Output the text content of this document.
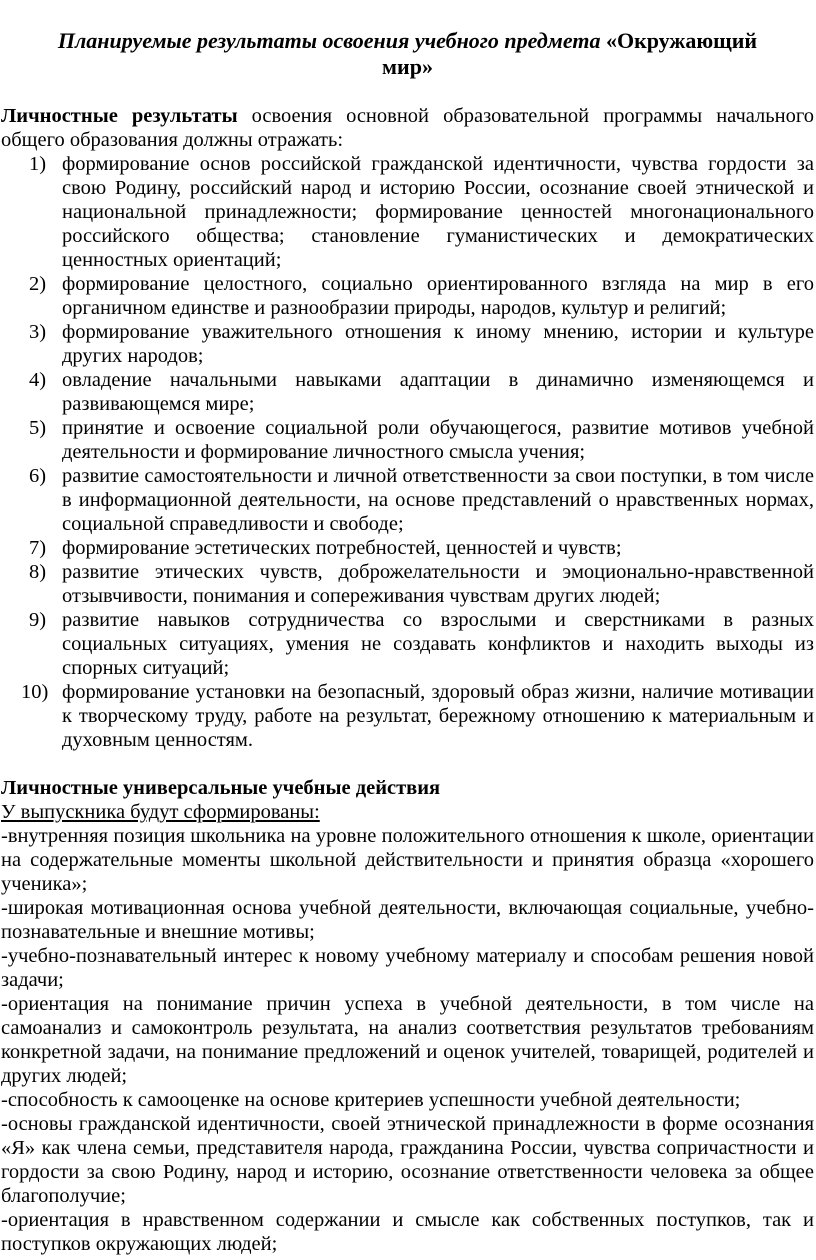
Планируемые результаты освоения учебного предмета «Окружающий мир»

Личностные результаты освоения основной образовательной программы начального общего образования должны отражать:

1) формирование основ российской гражданской идентичности, чувства гордости за свою Родину, российский народ и историю России, осознание своей этнической и национальной принадлежности; формирование ценностей многонационального российского общества; становление гуманистических и демократических ценностных ориентаций;
2) формирование целостного, социально ориентированного взгляда на мир в его органичном единстве и разнообразии природы, народов, культур и религий;
3) формирование уважительного отношения к иному мнению, истории и культуре других народов;
4) овладение начальными навыками адаптации в динамично изменяющемся и развивающемся мире;
5) принятие и освоение социальной роли обучающегося, развитие мотивов учебной деятельности и формирование личностного смысла учения;
6) развитие самостоятельности и личной ответственности за свои поступки, в том числе в информационной деятельности, на основе представлений о нравственных нормах, социальной справедливости и свободе;
7) формирование эстетических потребностей, ценностей и чувств;
8) развитие этических чувств, доброжелательности и эмоционально-нравственной отзывчивости, понимания и сопереживания чувствам других людей;
9) развитие навыков сотрудничества со взрослыми и сверстниками в разных социальных ситуациях, умения не создавать конфликтов и находить выходы из спорных ситуаций;
10) формирование установки на безопасный, здоровый образ жизни, наличие мотивации к творческому труду, работе на результат, бережному отношению к материальным и духовным ценностям.
Личностные универсальные учебные действия
У выпускника будут сформированы:

-внутренняя позиция школьника на уровне положительного отношения к школе, ориентации на содержательные моменты школьной действительности и принятия образца «хорошего ученика»;

-широкая мотивационная основа учебной деятельности, включающая социальные, учебно-познавательные и внешние мотивы;

-учебно-познавательный интерес к новому учебному материалу и способам решения новой задачи;

-ориентация на понимание причин успеха в учебной деятельности, в том числе на самоанализ и самоконтроль результата, на анализ соответствия результатов требованиям конкретной задачи, на понимание предложений и оценок учителей, товарищей, родителей и других людей;

-способность к самооценке на основе критериев успешности учебной деятельности;

-основы гражданской идентичности, своей этнической принадлежности в форме осознания «Я» как члена семьи, представителя народа, гражданина России, чувства сопричастности и гордости за свою Родину, народ и историю, осознание ответственности человека за общее благополучие;

-ориентация в нравственном содержании и смысле как собственных поступков, так и поступков окружающих людей;
